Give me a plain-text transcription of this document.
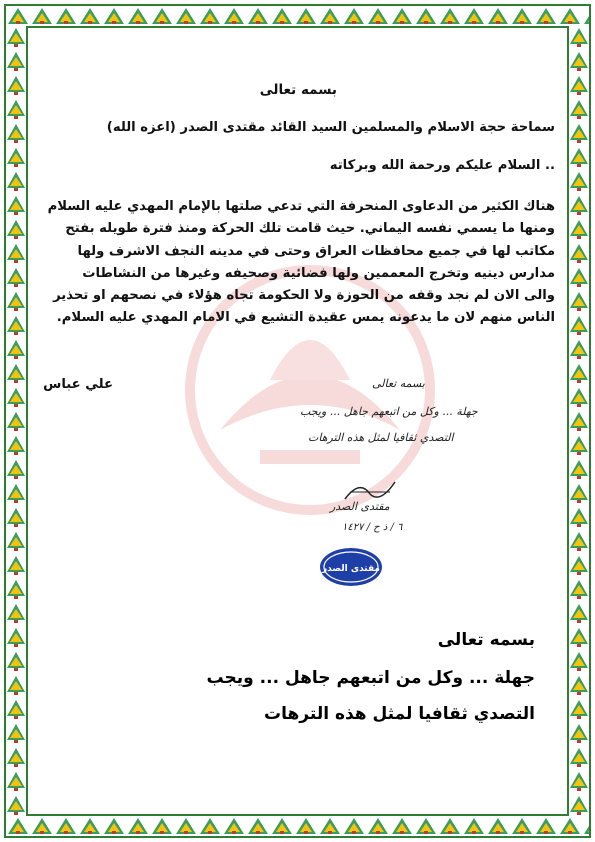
بسمه تعالى
سماحة حجة الاسلام والمسلمين السيد القائد مقتدى الصدر (اعزه الله)
السلام عليكم ورحمة الله وبركاته ..
هناك الكثير من الدعاوى المنحرفة التي تدعي صلتها بالإمام المهدي عليه السلام
ومنها ما يسمي نفسه اليماني. حيث قامت تلك الحركة ومنذ فترة طويله بفتح
مكاتب لها في جميع محافظات العراق وحتى في مدينه النجف الاشرف ولها
مدارس دينيه وتخرج المعممين ولها فضائية وصحيفه وغيرها من النشاطات
والى الان لم نجد وقفه من الحوزة ولا الحكومة تجاه هؤلاء في نصحهم او تحذير
الناس منهم لان ما يدعونه يمس عقيدة التشيع في الامام المهدي عليه السلام.
علي عباس	بسمه تعالى
جهلة ... وكل من اتبعهم جاهل ... ويجب
التصدي ثقافيا لمثل هذه الترهات
مقتدى الصدر
٦ / ذ ح / ١٤٢٧
مقتدى الصدر
بسمه تعالى
جهلة ... وكل من اتبعهم جاهل ... ويجب
التصدي ثقافيا لمثل هذه الترهات
